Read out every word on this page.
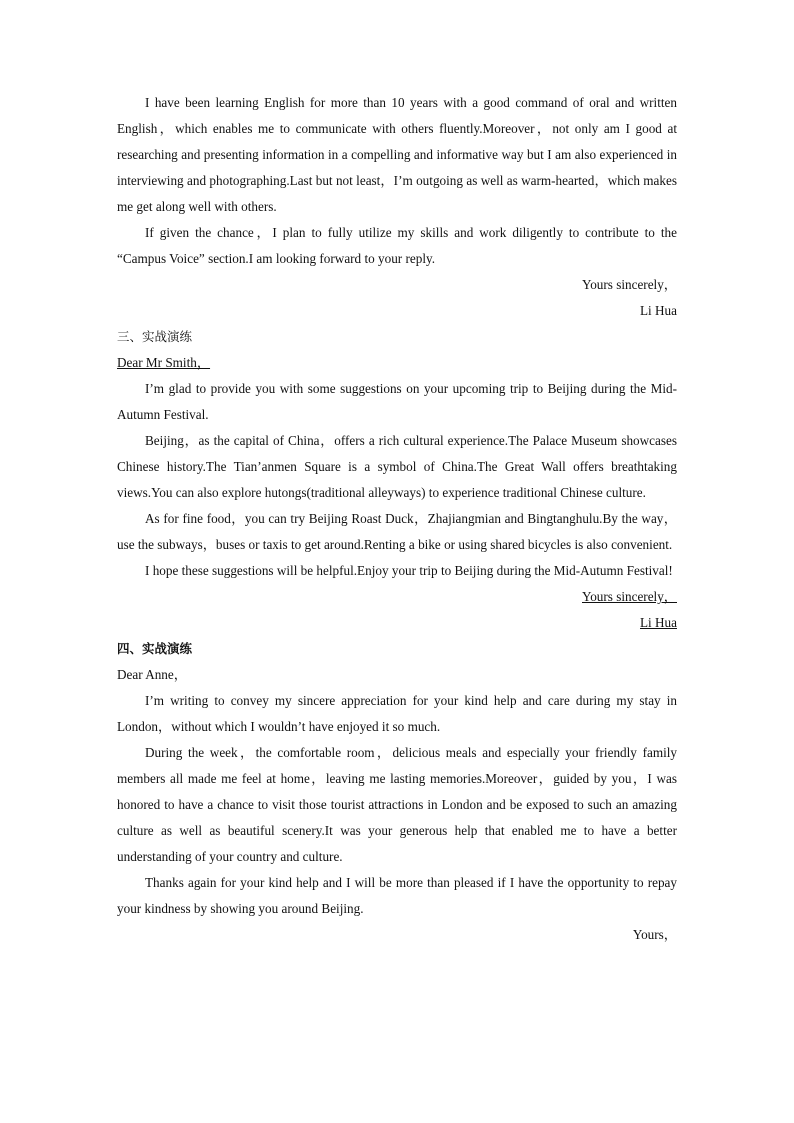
I have been learning English for more than 10 years with a good command of oral and written English，which enables me to communicate with others fluently.Moreover，not only am I good at researching and presenting information in a compelling and informative way but I am also experienced in interviewing and photographing.Last but not least，I’m outgoing as well as warm-hearted，which makes me get along well with others.

If given the chance，I plan to fully utilize my skills and work diligently to contribute to the “Campus Voice” section.I am looking forward to your reply.

Yours sincerely，

Li Hua

三、实战演练

Dear Mr Smith，

I’m glad to provide you with some suggestions on your upcoming trip to Beijing during the Mid-Autumn Festival.

Beijing，as the capital of China，offers a rich cultural experience.The Palace Museum showcases Chinese history.The Tian’anmen Square is a symbol of China.The Great Wall offers breathtaking views.You can also explore hutongs(traditional alleyways) to experience traditional Chinese culture.

As for fine food，you can try Beijing Roast Duck，Zhajiangmian and Bingtanghulu.By the way，use the subways，buses or taxis to get around.Renting a bike or using shared bicycles is also convenient.

I hope these suggestions will be helpful.Enjoy your trip to Beijing during the Mid-Autumn Festival!

Yours sincerely，

Li Hua

四、实战演练

Dear Anne，

I’m writing to convey my sincere appreciation for your kind help and care during my stay in London，without which I wouldn’t have enjoyed it so much.

During the week，the comfortable room，delicious meals and especially your friendly family members all made me feel at home，leaving me lasting memories.Moreover，guided by you，I was honored to have a chance to visit those tourist attractions in London and be exposed to such an amazing culture as well as beautiful scenery.It was your generous help that enabled me to have a better understanding of your country and culture.

Thanks again for your kind help and I will be more than pleased if I have the opportunity to repay your kindness by showing you around Beijing.

Yours，
